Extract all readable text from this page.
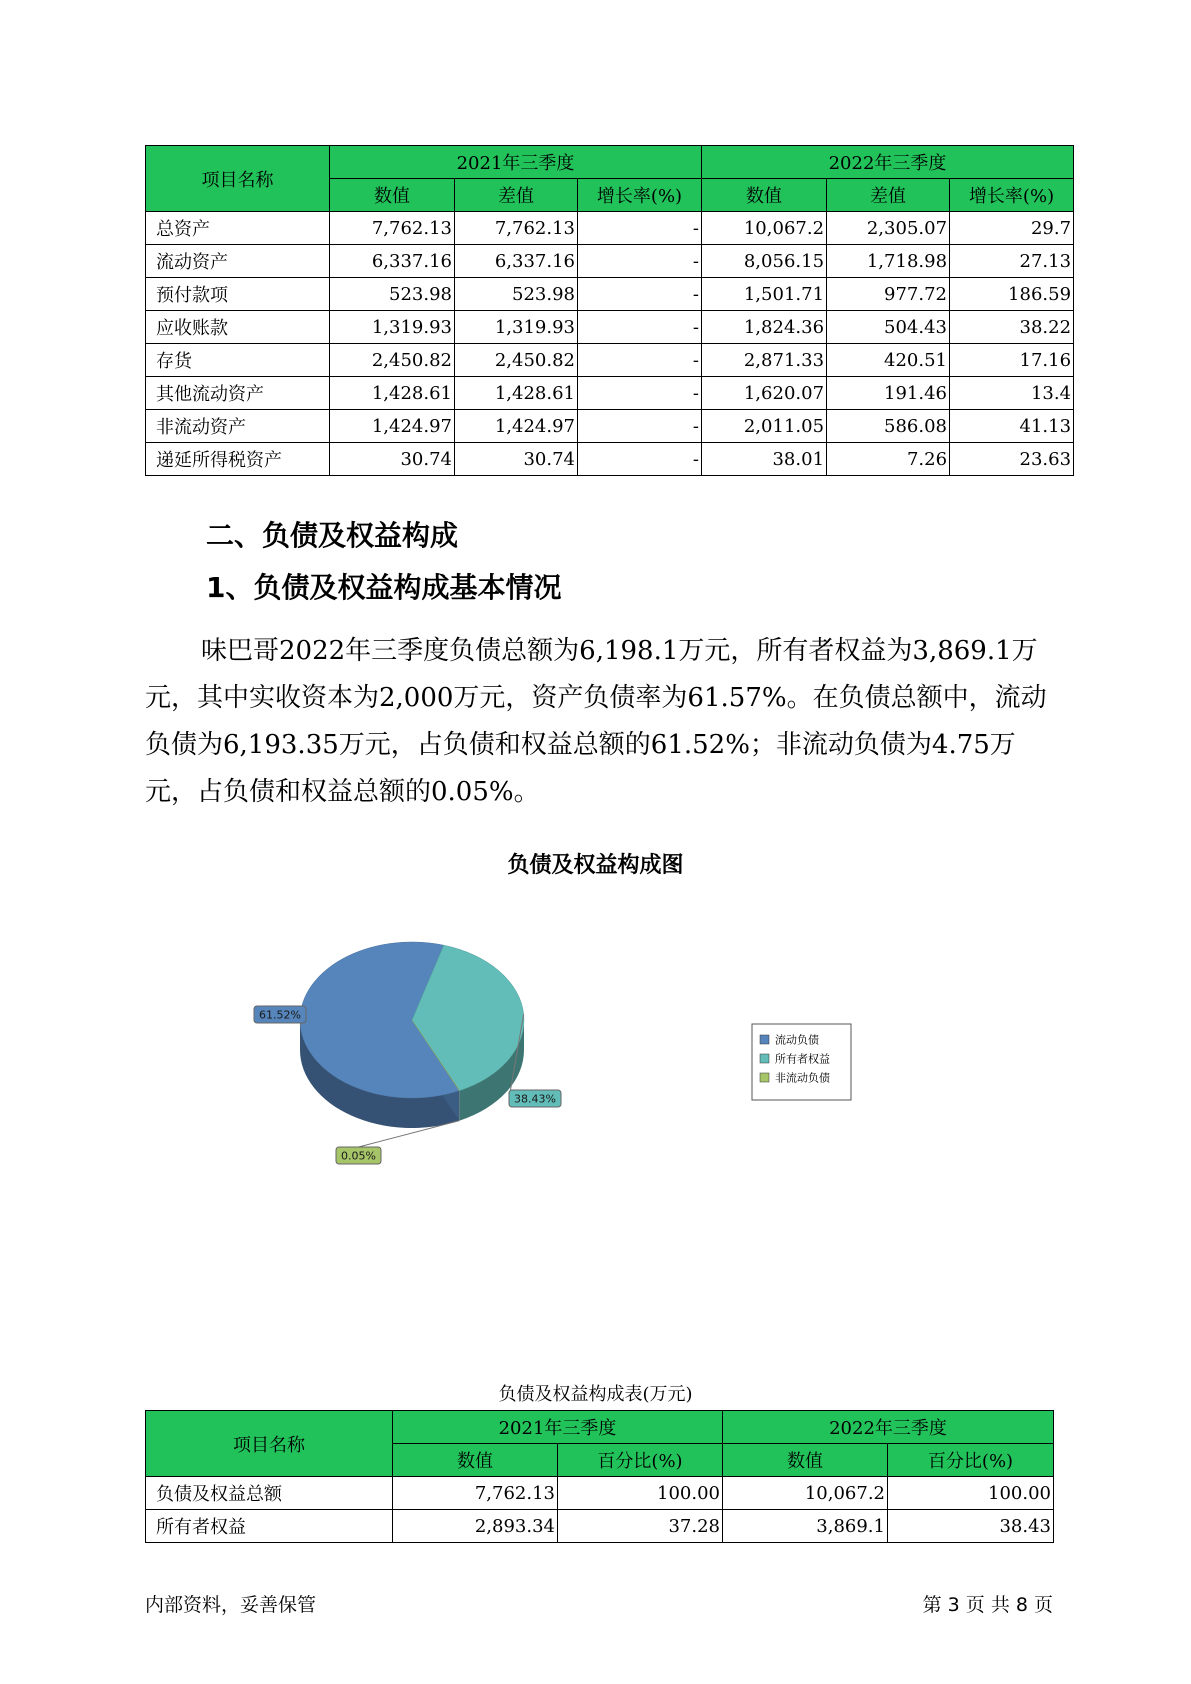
项目名称	2021年三季度			2022年三季度		
	数值	差值	增长率(%)	数值	差值	增长率(%)
总资产	7,762.13	7,762.13	-	10,067.2	2,305.07	29.7
流动资产	6,337.16	6,337.16	-	8,056.15	1,718.98	27.13
预付款项	523.98	523.98	-	1,501.71	977.72	186.59
应收账款	1,319.93	1,319.93	-	1,824.36	504.43	38.22
存货	2,450.82	2,450.82	-	2,871.33	420.51	17.16
其他流动资产	1,428.61	1,428.61	-	1,620.07	191.46	13.4
非流动资产	1,424.97	1,424.97	-	2,011.05	586.08	41.13
递延所得税资产	30.74	30.74	-	38.01	7.26	23.63
二、负债及权益构成
1、负债及权益构成基本情况

味巴哥2022年三季度负债总额为6,198.1万元，所有者权益为3,869.1万元，其中实收资本为2,000万元，资产负债率为61.57%。在负债总额中，流动负债为6,193.35万元，占负债和权益总额的61.52%；非流动负债为4.75万元，占负债和权益总额的0.05%。

负债及权益构成图
61.52%
38.43%
0.05%
流动负债
所有者权益
非流动负债
负债及权益构成表(万元)
项目名称	2021年三季度		2022年三季度	
	数值	百分比(%)	数值	百分比(%)
负债及权益总额	7,762.13	100.00	10,067.2	100.00
所有者权益	2,893.34	37.28	3,869.1	38.43
内部资料，妥善保管	第 3 页 共 8 页
